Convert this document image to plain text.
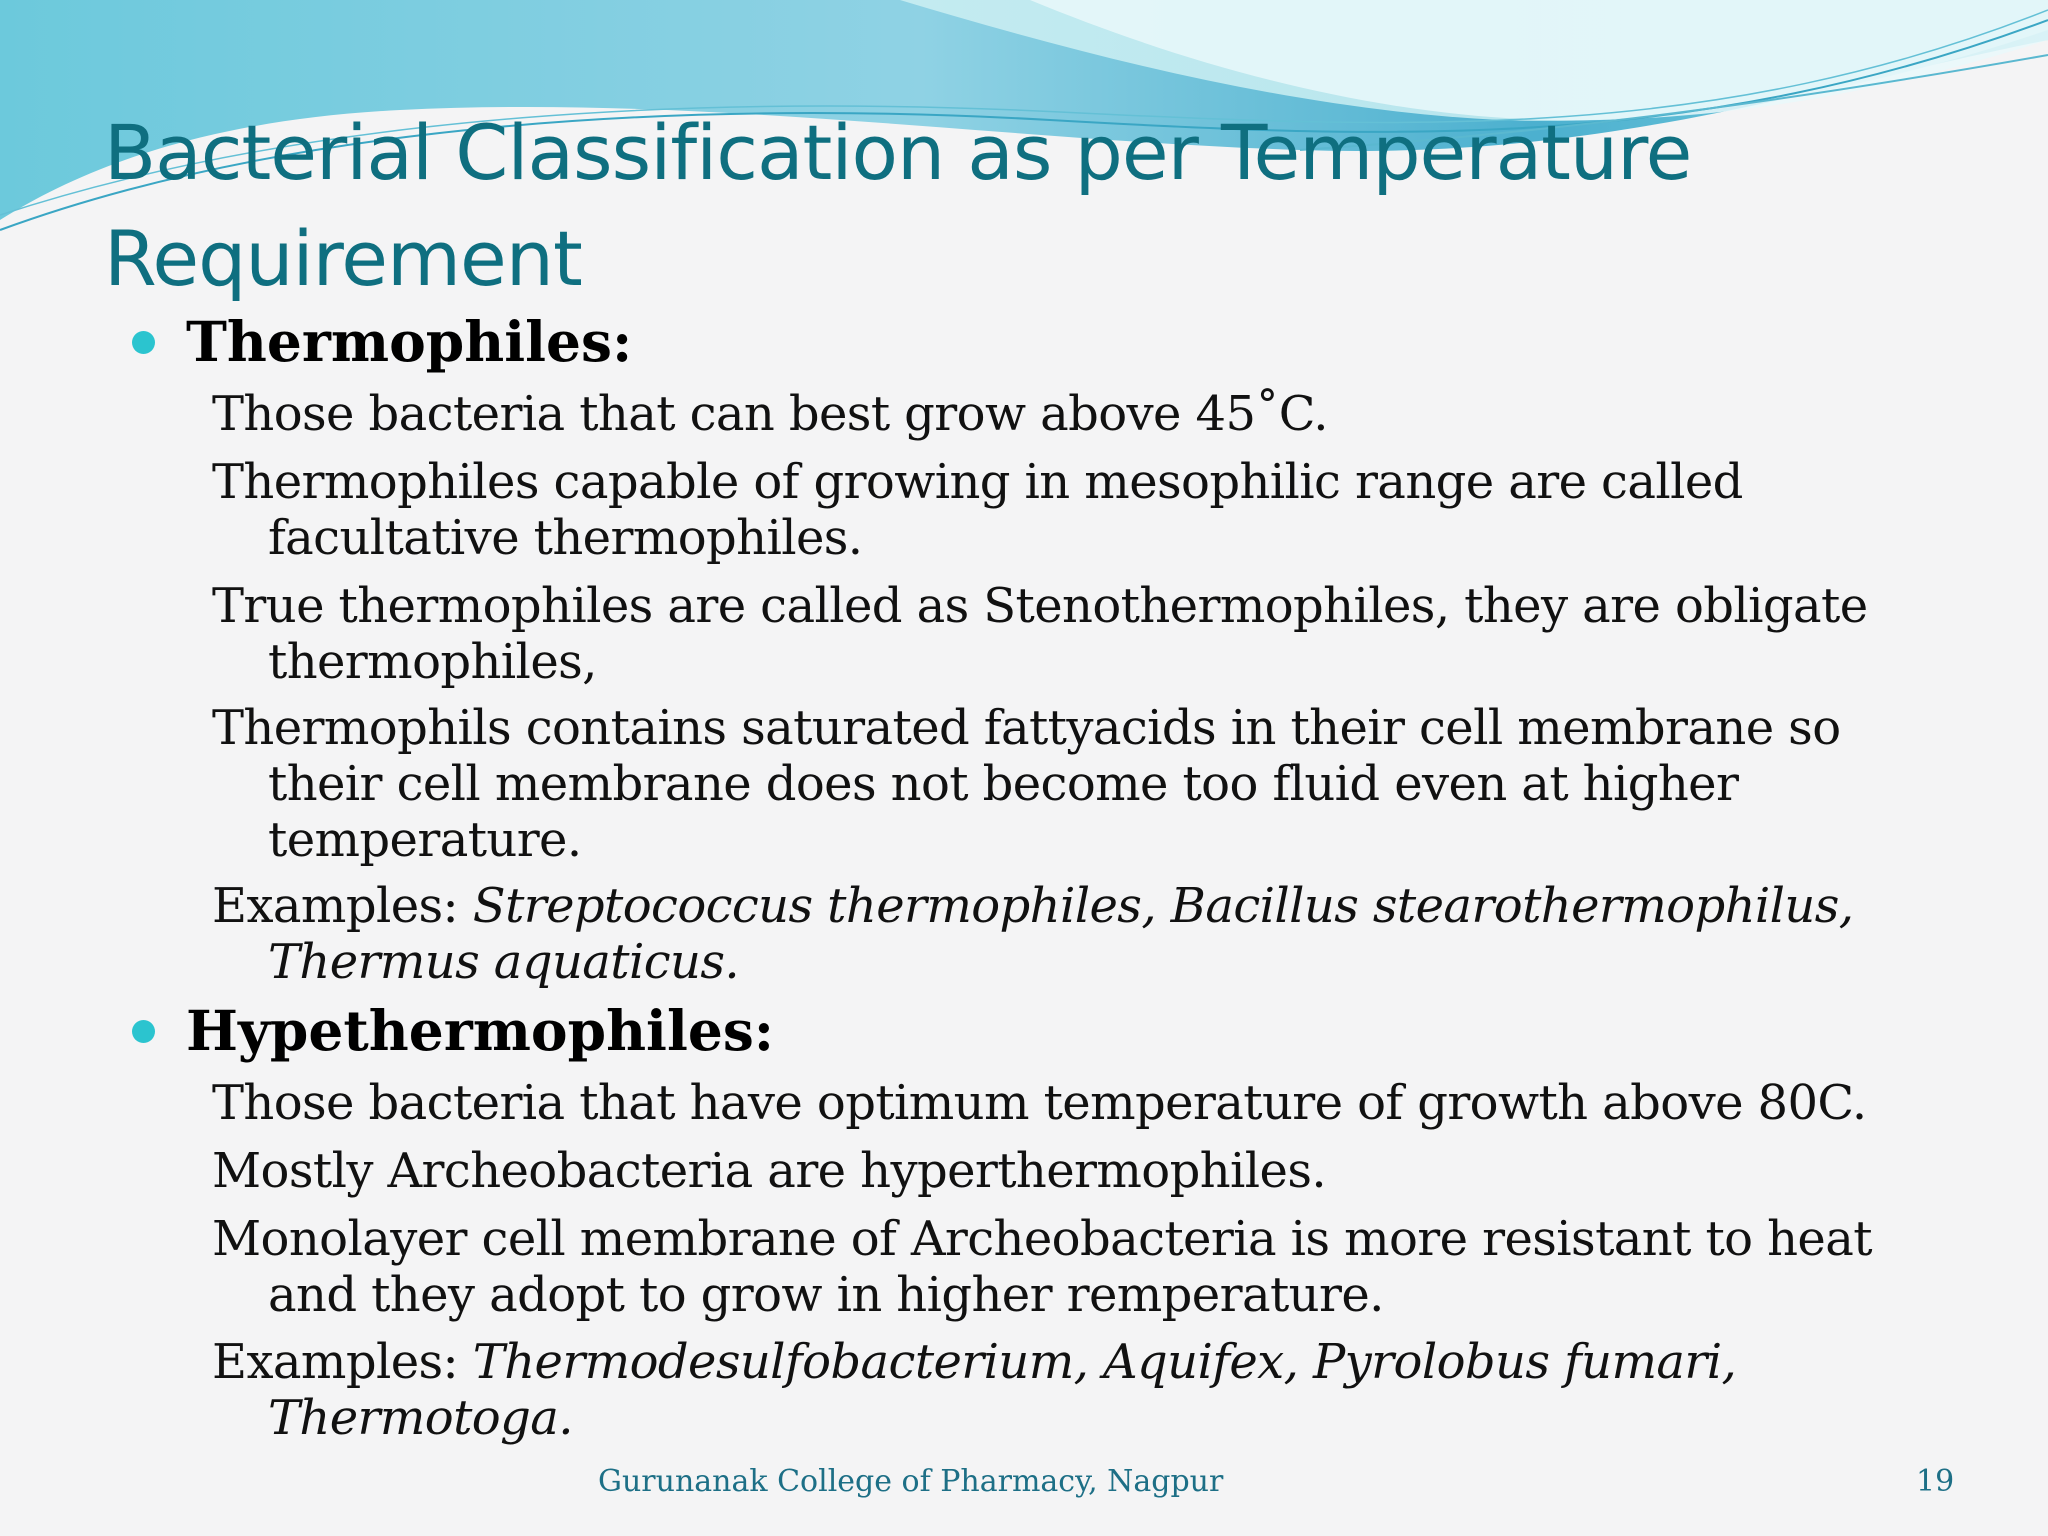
Bacterial Classification as per Temperature Requirement
Thermophiles:
Those bacteria that can best grow above 45˚C.
Thermophiles capable of growing in mesophilic range are called facultative thermophiles.
True thermophiles are called as Stenothermophiles, they are obligate thermophiles,
Thermophils contains saturated fattyacids in their cell membrane so their cell membrane does not become too fluid even at higher temperature.
Examples: Streptococcus thermophiles, Bacillus stearothermophilus, Thermus aquaticus.
Hypethermophiles:
Those bacteria that have optimum temperature of growth above 80C.
Mostly Archeobacteria are hyperthermophiles.
Monolayer cell membrane of Archeobacteria is more resistant to heat and they adopt to grow in higher remperature.
Examples: Thermodesulfobacterium, Aquifex, Pyrolobus fumari, Thermotoga.
Gurunanak College of Pharmacy, Nagpur	19
